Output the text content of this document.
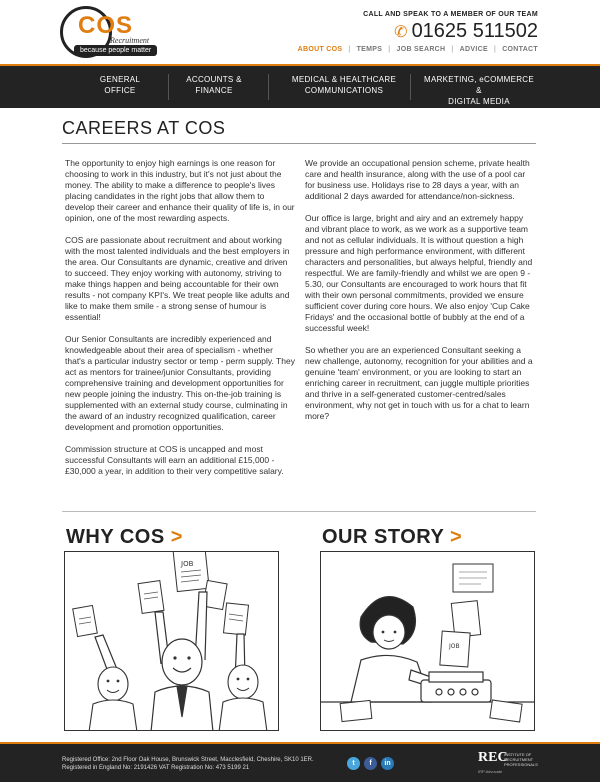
COS
Recruitment
because people matter
CALL AND SPEAK TO A MEMBER OF OUR TEAM
✆ 01625 511502
ABOUT COS | TEMPS | JOB SEARCH | ADVICE | CONTACT
GENERAL
OFFICE
ACCOUNTS &
FINANCE
MEDICAL & HEALTHCARE
COMMUNICATIONS
MARKETING, eCOMMERCE &
DIGITAL MEDIA
CAREERS AT COS

The opportunity to enjoy high earnings is one reason for choosing to work in this industry, but it's not just about the money. The ability to make a difference to people's lives placing candidates in the right jobs that allow them to develop their career and enhance their quality of life is, in our opinion, one of the most rewarding aspects.

COS are passionate about recruitment and about working with the most talented individuals and the best employers in the area. Our Consultants are dynamic, creative and driven to succeed. They enjoy working with autonomy, striving to make things happen and being accountable for their own results - not company KPI's. We treat people like adults and like to make them smile - a strong sense of humour is essential!

Our Senior Consultants are incredibly experienced and knowledgeable about their area of specialism - whether that's a particular industry sector or temp - perm supply. They act as mentors for trainee/junior Consultants, providing comprehensive training and development opportunities for new people joining the industry. This on-the-job training is supplemented with an external study course, culminating in the award of an industry recognized qualification, career development and promotion opportunities.

Commission structure at COS is uncapped and most successful Consultants will earn an additional £15,000 - £30,000 a year, in addition to their very competitive salary.

We provide an occupational pension scheme, private health care and health insurance, along with the use of a pool car for business use. Holidays rise to 28 days a year, with an additional 2 days awarded for attendance/non-sickness.

Our office is large, bright and airy and an extremely happy and vibrant place to work, as we work as a supportive team and not as cellular individuals. It is without question a high pressure and high performance environment, with different characters and personalities, but always helpful, friendly and respectful. We are family-friendly and whilst we are open 9 - 5.30, our Consultants are encouraged to work hours that fit with their own personal commitments, provided we ensure sufficient cover during core hours. We also enjoy 'Cup Cake Fridays' and the occasional bottle of bubbly at the end of a successful week!

So whether you are an experienced Consultant seeking a new challenge, autonomy, recognition for your abilities and a genuine 'team' environment, or you are looking to start an enriching career in recruitment, can juggle multiple priorities and thrive in a self-generated customer-centred/sales environment, why not get in touch with us for a chat to learn more?

WHY COS >	OUR STORY >
JOB
JOB
Registered Office: 2nd Floor Oak House, Brunswick Street, Macclesfield, Cheshire, SK10 1ER.
Registered in England No: 2191426 VAT Registration No: 473 5199 21
t	f	in	REC
INSTITUTE OF RECRUITMENT PROFESSIONALS
IRP Advocate
